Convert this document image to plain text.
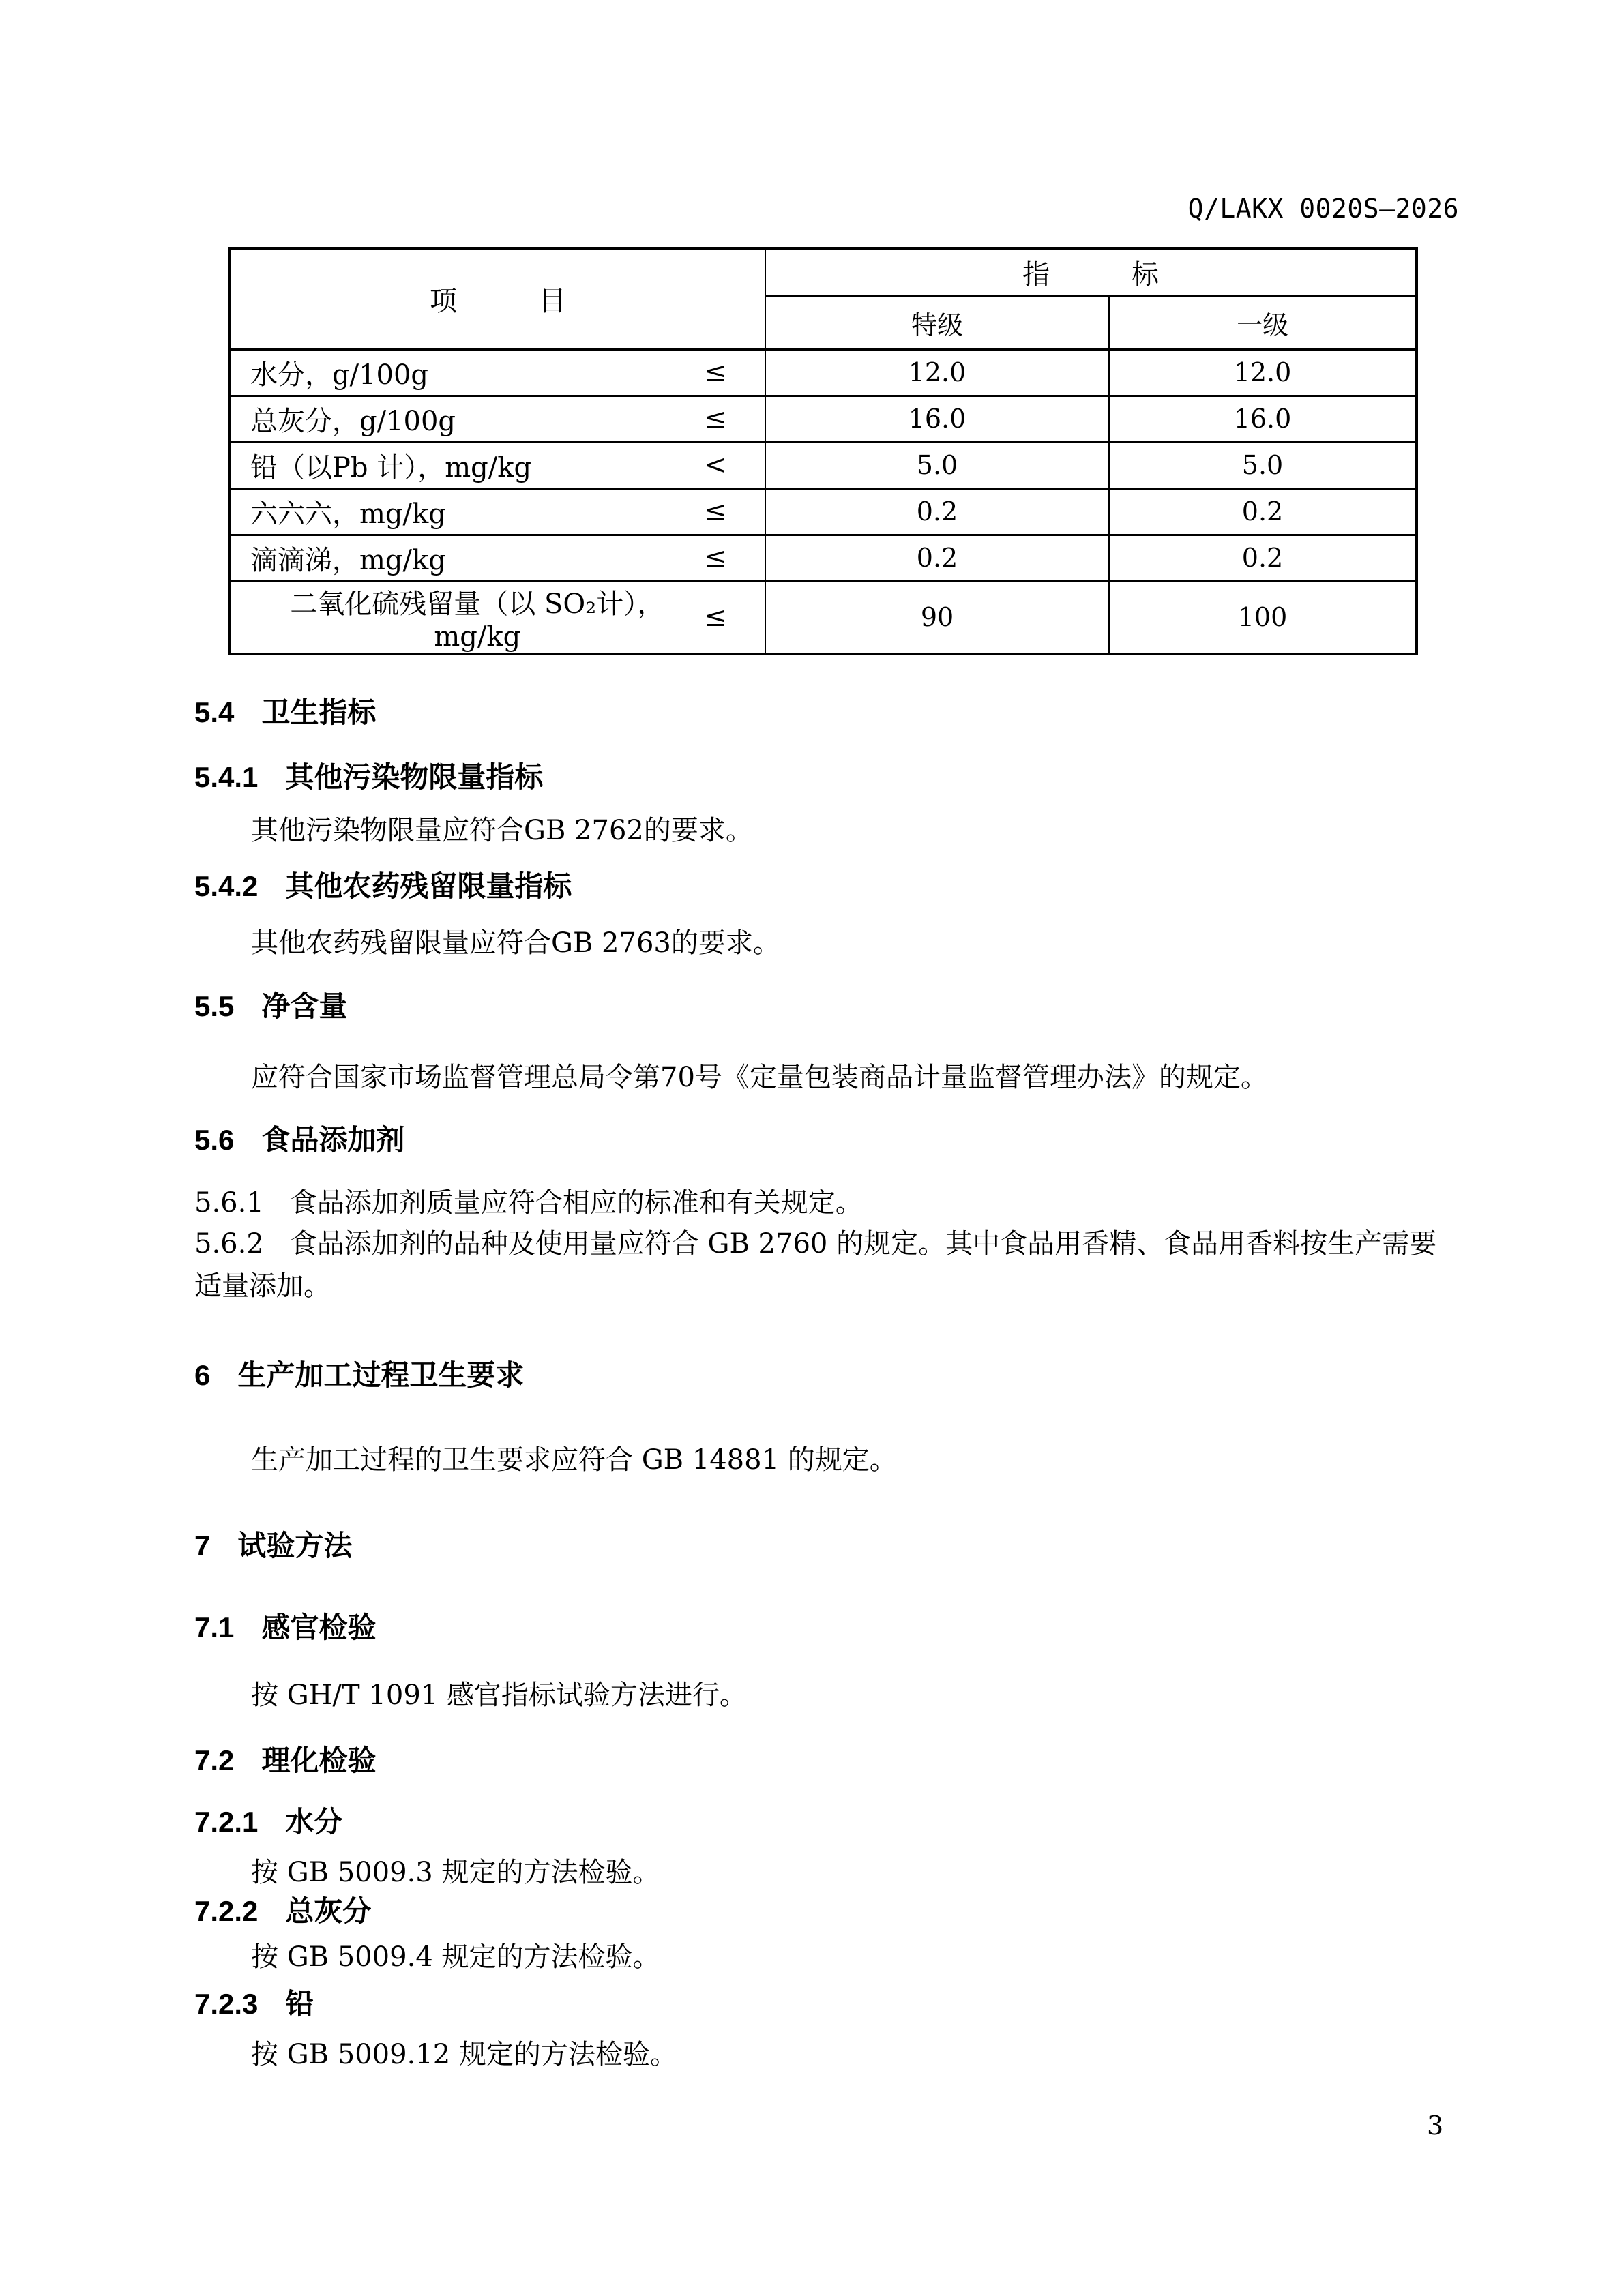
Q/LAKX 0020S—2026
项　　　目	指　　　标	
	特级	一级

水分，g/100g ≤	12.0	12.0

总灰分，g/100g ≤	16.0	16.0

铅（以Pb 计），mg/kg <	5.0	5.0

六六六，mg/kg ≤	0.2	0.2

滴滴涕，mg/kg ≤	0.2	0.2

二氧化硫残留量（以 SO₂计），mg/kg
≤	90	100
5.4 卫生指标
5.4.1 其他污染物限量指标
其他污染物限量应符合GB 2762的要求。
5.4.2 其他农药残留限量指标
其他农药残留限量应符合GB 2763的要求。
5.5 净含量
应符合国家市场监督管理总局令第70号《定量包装商品计量监督管理办法》的规定。
5.6 食品添加剂
5.6.1 食品添加剂质量应符合相应的标准和有关规定。
5.6.2 食品添加剂的品种及使用量应符合 GB 2760 的规定。其中食品用香精、食品用香料按生产需要适量添加。
6 生产加工过程卫生要求
生产加工过程的卫生要求应符合 GB 14881 的规定。
7 试验方法
7.1 感官检验
按 GH/T 1091 感官指标试验方法进行。
7.2 理化检验
7.2.1 水分
按 GB 5009.3 规定的方法检验。
7.2.2 总灰分
按 GB 5009.4 规定的方法检验。
7.2.3 铅
按 GB 5009.12 规定的方法检验。
3
